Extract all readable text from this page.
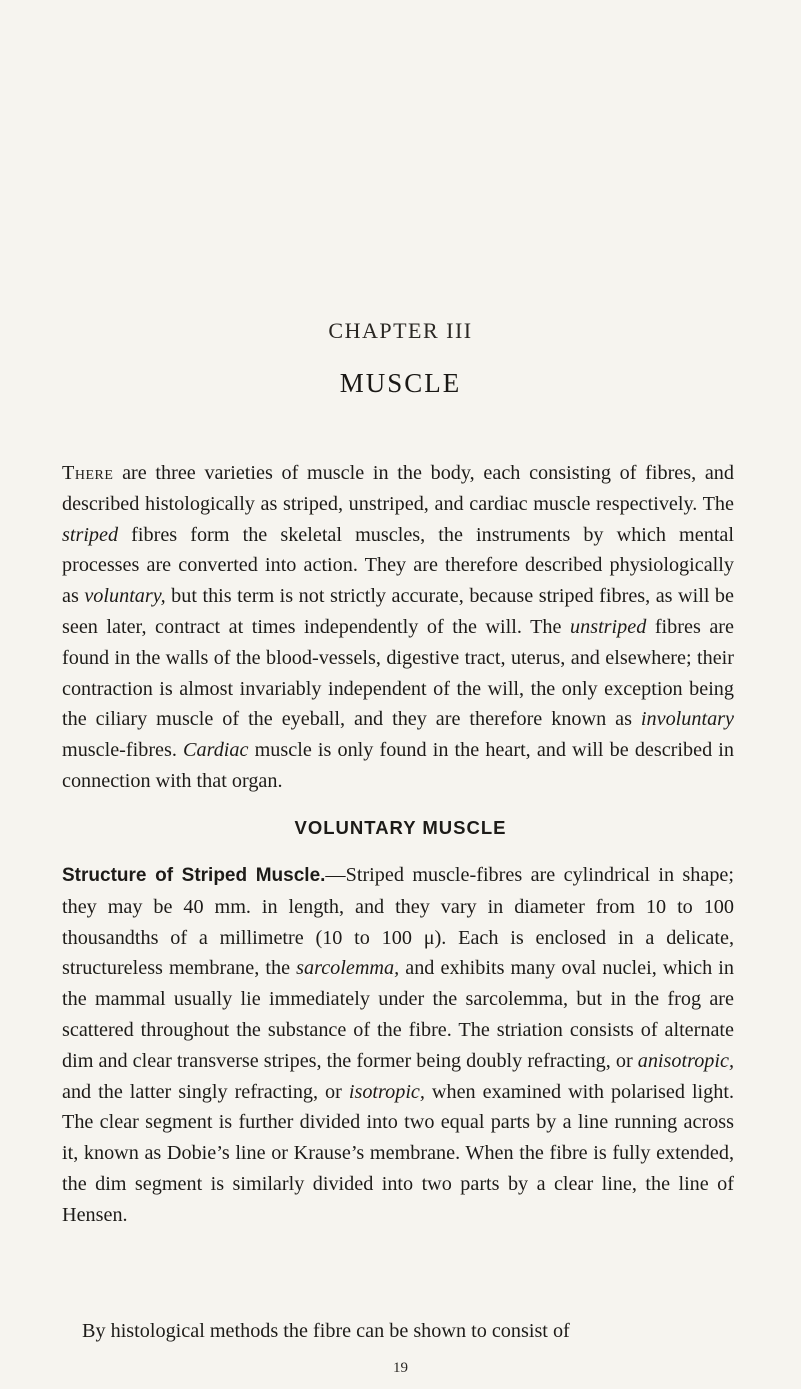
CHAPTER III
MUSCLE

There are three varieties of muscle in the body, each consisting of fibres, and described histologically as striped, unstriped, and cardiac muscle respectively. The striped fibres form the skeletal muscles, the instruments by which mental processes are converted into action. They are therefore described physiologically as voluntary, but this term is not strictly accurate, because striped fibres, as will be seen later, contract at times independently of the will. The unstriped fibres are found in the walls of the blood-vessels, digestive tract, uterus, and elsewhere; their contraction is almost invariably independent of the will, the only exception being the ciliary muscle of the eyeball, and they are therefore known as involuntary muscle-fibres. Cardiac muscle is only found in the heart, and will be described in connection with that organ.

VOLUNTARY MUSCLE

Structure of Striped Muscle.—Striped muscle-fibres are cylindrical in shape; they may be 40 mm. in length, and they vary in diameter from 10 to 100 thousandths of a millimetre (10 to 100 μ). Each is enclosed in a delicate, structureless membrane, the sarcolemma, and exhibits many oval nuclei, which in the mammal usually lie immediately under the sarcolemma, but in the frog are scattered throughout the substance of the fibre. The striation consists of alternate dim and clear transverse stripes, the former being doubly refracting, or anisotropic, and the latter singly refracting, or isotropic, when examined with polarised light. The clear segment is further divided into two equal parts by a line running across it, known as Dobie’s line or Krause’s membrane. When the fibre is fully extended, the dim segment is similarly divided into two parts by a clear line, the line of Hensen.

By histological methods the fibre can be shown to consist of

19
